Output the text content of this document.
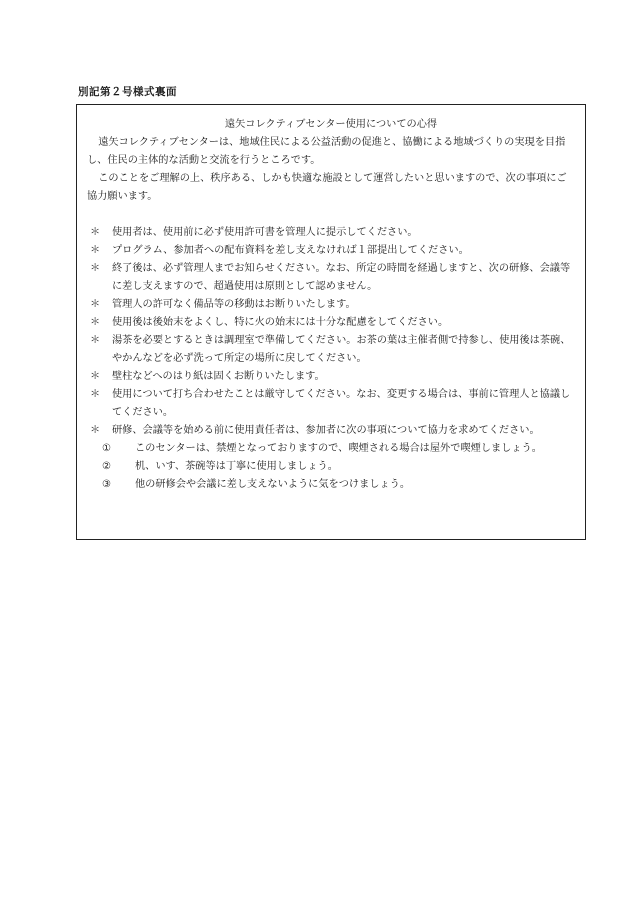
別記第２号様式裏面

遠矢コレクティブセンター使用についての心得

遠矢コレクティブセンターは、地域住民による公益活動の促進と、協働による地域づくりの実現を目指し、住民の主体的な活動と交流を行うところです。

このことをご理解の上、秩序ある、しかも快適な施設として運営したいと思いますので、次の事項にご協力願います。

＊ 使用者は、使用前に必ず使用許可書を管理人に提示してください。
＊ プログラム、参加者への配布資料を差し支えなければ１部提出してください。
＊ 終了後は、必ず管理人までお知らせください。なお、所定の時間を経過しますと、次の研修、会議等に差し支えますので、超過使用は原則として認めません。
＊ 管理人の許可なく備品等の移動はお断りいたします。
＊ 使用後は後始末をよくし、特に火の始末には十分な配慮をしてください。
＊ 湯茶を必要とするときは調理室で準備してください。お茶の葉は主催者側で持参し、使用後は茶碗、やかんなどを必ず洗って所定の場所に戻してください。
＊ 壁柱などへのはり紙は固くお断りいたします。
＊ 使用について打ち合わせたことは厳守してください。なお、変更する場合は、事前に管理人と協議してください。
＊ 研修、会議等を始める前に使用責任者は、参加者に次の事項について協力を求めてください。
① このセンターは、禁煙となっておりますので、喫煙される場合は屋外で喫煙しましょう。
② 机、いす、茶碗等は丁寧に使用しましょう。
③ 他の研修会や会議に差し支えないように気をつけましょう。
